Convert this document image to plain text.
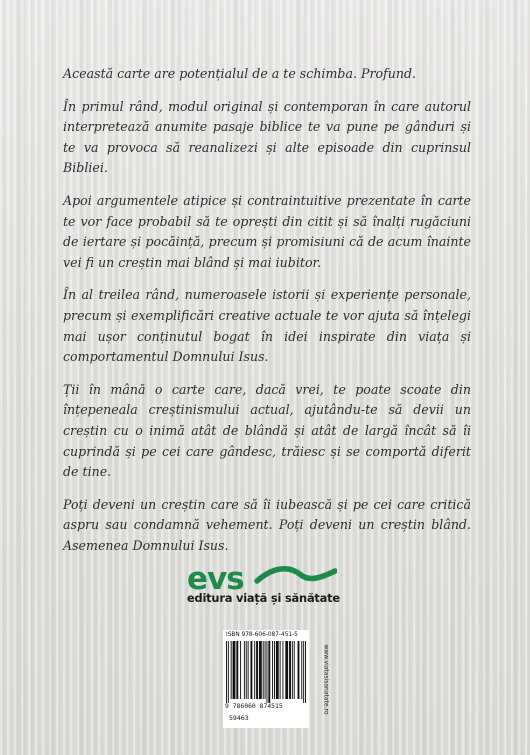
Această carte are potențialul de a te schimba. Profund.

În primul rând, modul original și contemporan în care autorul interpretează anumite pasaje biblice te va pune pe gânduri și te va provoca să reanalizezi și alte episoade din cuprinsul Bibliei.

Apoi argumentele atipice și contraintuitive prezentate în carte te vor face probabil să te oprești din citit și să înalți rugăciuni de iertare și pocăință, precum și promisiuni că de acum înainte vei fi un creștin mai blând și mai iubitor.

În al treilea rând, numeroasele istorii și experiențe personale, precum și exemplificări creative actuale te vor ajuta să înțelegi mai ușor conținutul bogat în idei inspirate din viața și comportamentul Domnului Isus.

Ții în mână o carte care, dacă vrei, te poate scoate din înțepeneala creștinismului actual, ajutându-te să devii un creștin cu o inimă atât de blândă și atât de largă încât să îi cuprindă și pe cei care gândesc, trăiesc și se comportă diferit de tine.

Poți deveni un creștin care să îi iubească și pe cei care critică aspru sau condamnă vehement. Poți deveni un creștin blând. Asemenea Domnului Isus.

evs
editura viață și sănătate
ISBN 978-606-087-451-5
9 786060 874515
59463
www.viatasisanatate.ro
